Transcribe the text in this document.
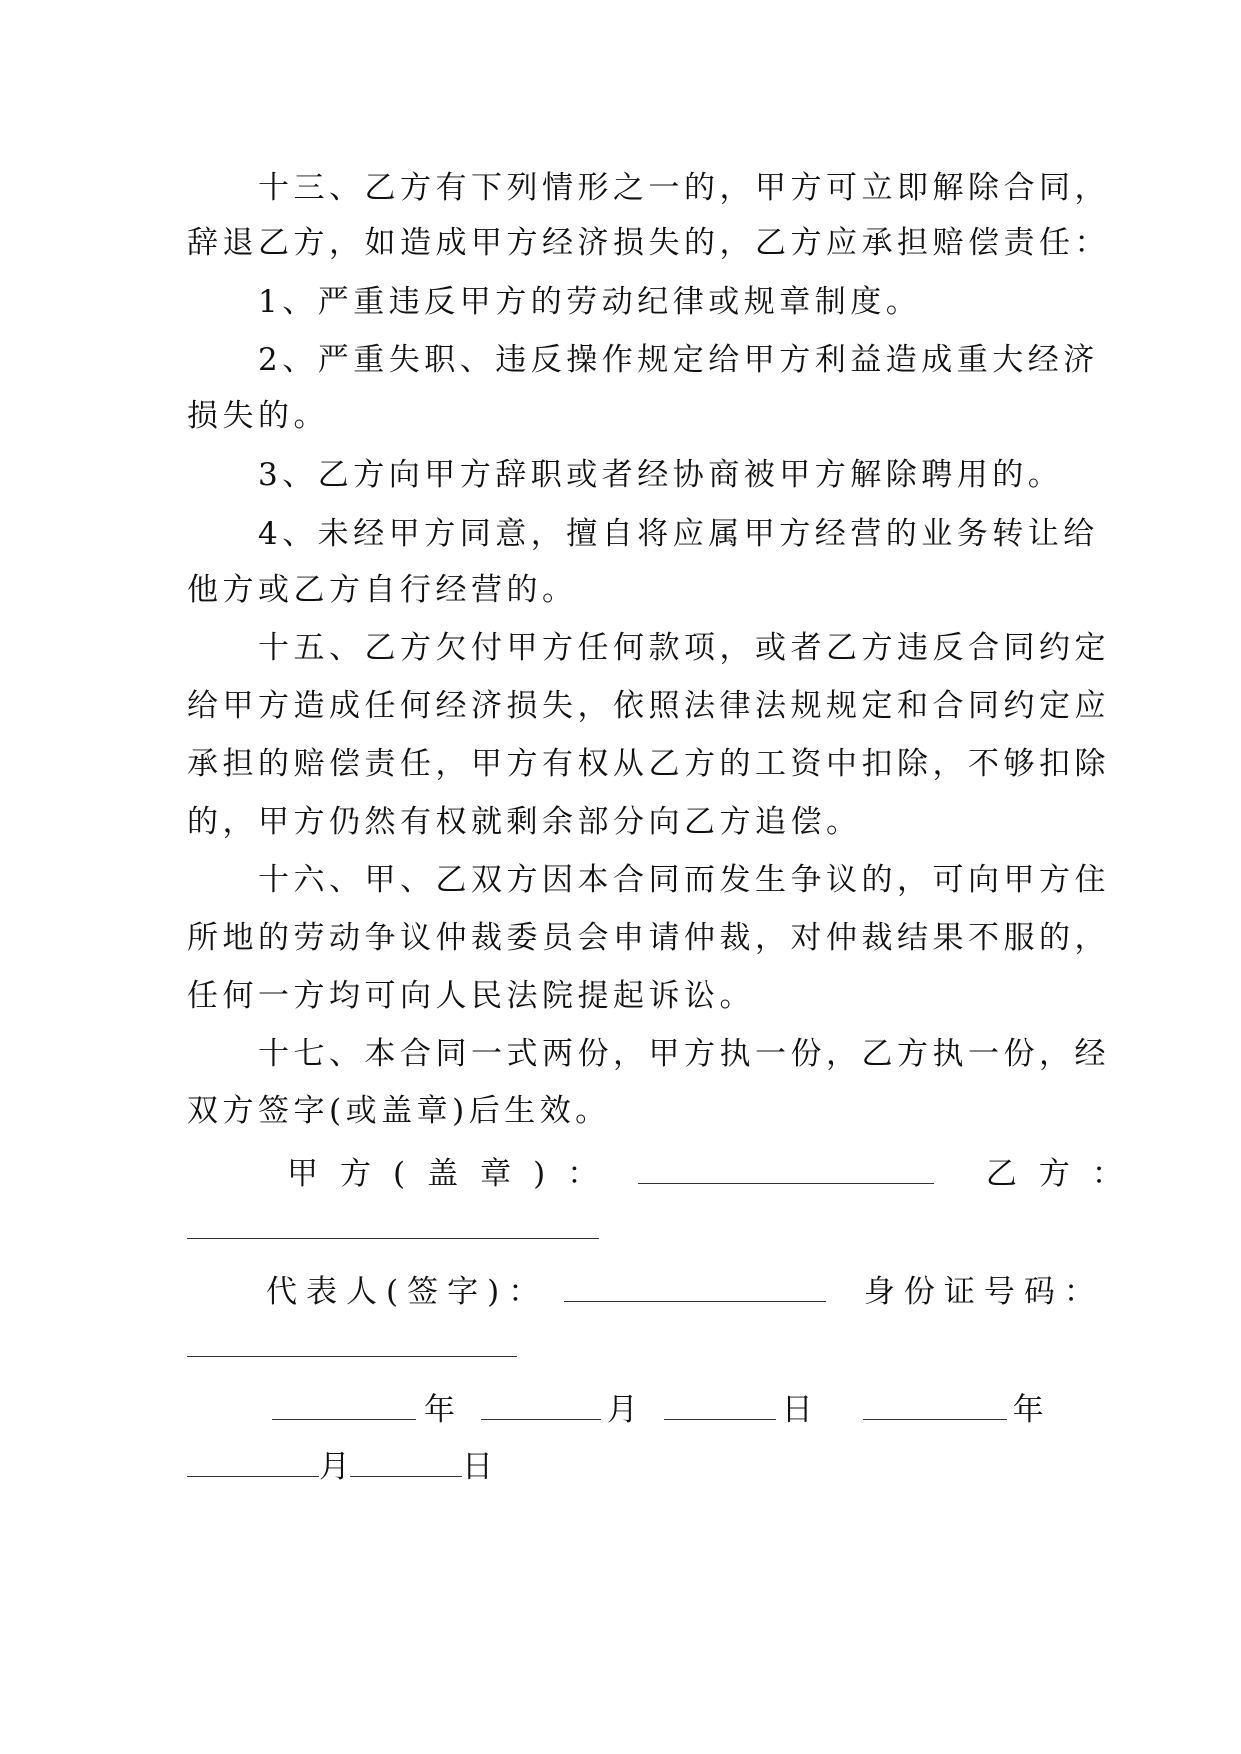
十三、乙方有下列情形之一的，甲方可立即解除合同，
辞退乙方，如造成甲方经济损失的，乙方应承担赔偿责任：
1、严重违反甲方的劳动纪律或规章制度。
2、严重失职、违反操作规定给甲方利益造成重大经济
损失的。
3、乙方向甲方辞职或者经协商被甲方解除聘用的。
4、未经甲方同意，擅自将应属甲方经营的业务转让给
他方或乙方自行经营的。
十五、乙方欠付甲方任何款项，或者乙方违反合同约定
给甲方造成任何经济损失，依照法律法规规定和合同约定应
承担的赔偿责任，甲方有权从乙方的工资中扣除，不够扣除
的，甲方仍然有权就剩余部分向乙方追偿。
十六、甲、乙双方因本合同而发生争议的，可向甲方住
所地的劳动争议仲裁委员会申请仲裁，对仲裁结果不服的，
任何一方均可向人民法院提起诉讼。
十七、本合同一式两份，甲方执一份，乙方执一份，经
双方签字(或盖章)后生效。
甲方(盖章)：	乙方：
代表人(签字)：	身份证号码：
年	月	日	年
月	日
